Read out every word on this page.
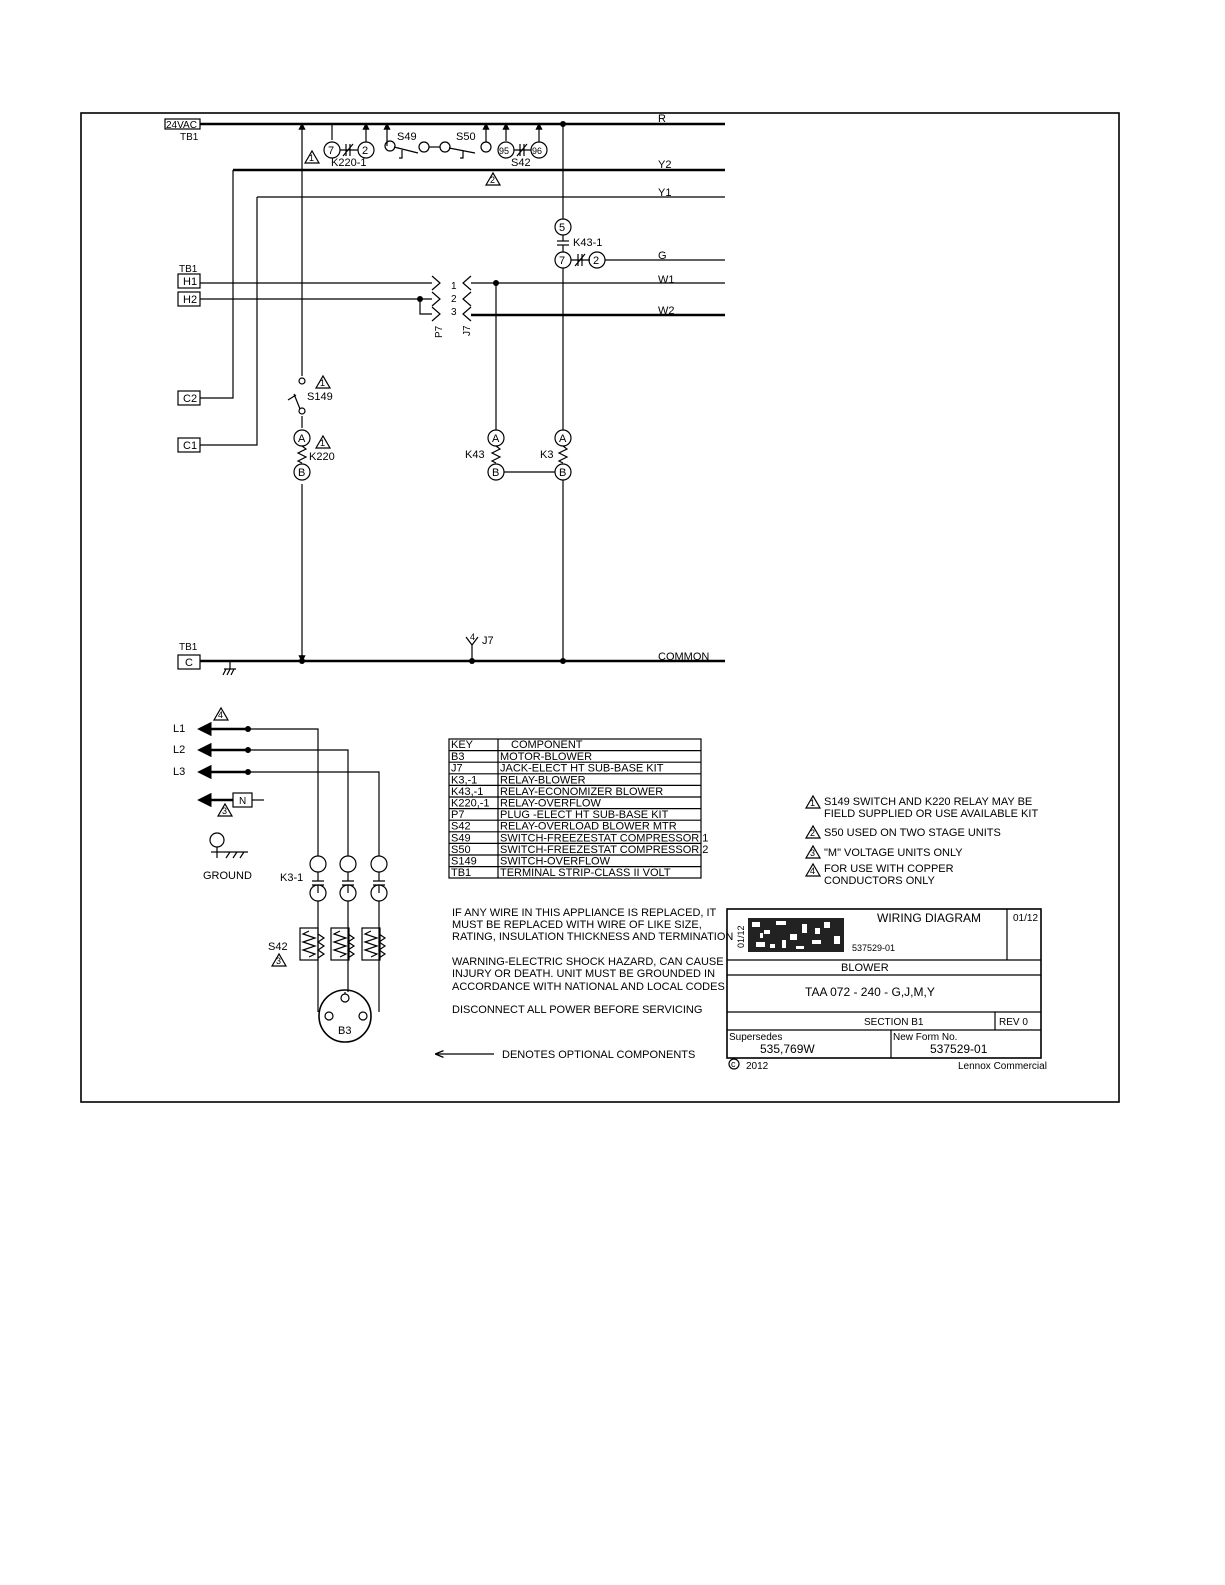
24VAC
TB1
R
Y2
Y1
7	2
K220-1
S49	S50
95	96
S42
1
2
5
K43-1
7	2	G
TB1
H1
H2
1
2
3
P7 J7
W1
W2
C2
C1
S149
1
A
B
K220
1	A
B
K43
A
B
K3
TB1
C	COMMON
4 J7
L1
L2
L3
4
N
3
GROUND	K3-1
S42
3
B3
KEY	COMPONENT
B3	MOTOR-BLOWER
J7	JACK-ELECT HT SUB-BASE KIT
K3,-1 RELAY-BLOWER
K43,-1 RELAY-ECONOMIZER BLOWER
K220,-1 RELAY-OVERFLOW
P7	PLUG -ELECT HT SUB-BASE KIT
S42	RELAY-OVERLOAD BLOWER MTR
S49	SWITCH-FREEZESTAT COMPRESSOR 1
S50	SWITCH-FREEZESTAT COMPRESSOR 2
S149 SWITCH-OVERFLOW
TB1	TERMINAL STRIP-CLASS II VOLT
1 S149 SWITCH AND K220 RELAY MAY BE
FIELD SUPPLIED OR USE AVAILABLE KIT
2 S50 USED ON TWO STAGE UNITS
3 "M" VOLTAGE UNITS ONLY
4 FOR USE WITH COPPER
CONDUCTORS ONLY
IF ANY WIRE IN THIS APPLIANCE IS REPLACED, IT
MUST BE REPLACED WITH WIRE OF LIKE SIZE,
RATING, INSULATION THICKNESS AND TERMINATION
WARNING-ELECTRIC SHOCK HAZARD, CAN CAUSE
INJURY OR DEATH. UNIT MUST BE GROUNDED IN
ACCORDANCE WITH NATIONAL AND LOCAL CODES
DISCONNECT ALL POWER BEFORE SERVICING
DENOTES OPTIONAL COMPONENTS
01/12	537529-01
WIRING DIAGRAM	01/12
BLOWER
TAA 072 - 240 - G,J,M,Y
SECTION B1	REV 0
Supersedes
535,769W
New Form No.
537529-01
c 2012	Lennox Commercial
